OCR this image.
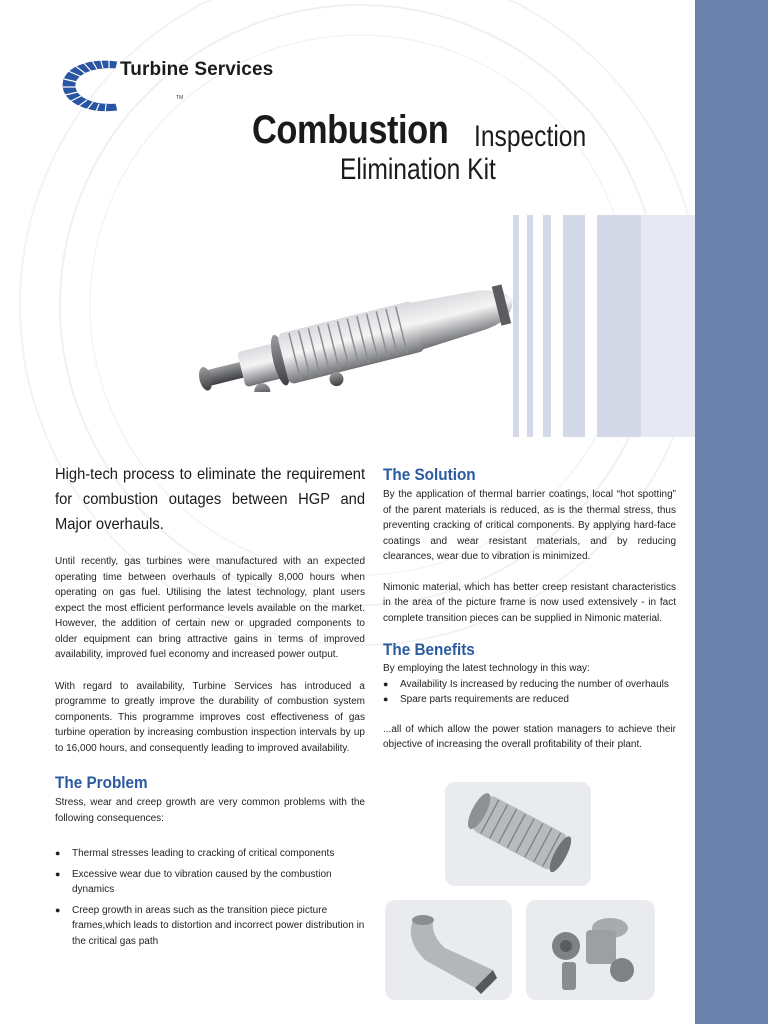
Turbine Services
TM
Combustion Inspection
Elimination Kit

High-tech process to eliminate the requirement for combustion outages between HGP and Major overhauls.

Until recently, gas turbines were manufactured with an expected operating time between overhauls of typically 8,000 hours when operating on gas fuel. Utilising the latest technology, plant users expect the most efficient performance levels available on the market. However, the addition of certain new or upgraded components to older equipment can bring attractive gains in terms of improved availability, improved fuel economy and increased power output.

With regard to availability, Turbine Services has introduced a programme to greatly improve the durability of combustion system components. This programme improves cost effectiveness of gas turbine operation by increasing combustion inspection intervals by up to 16,000 hours, and consequently leading to improved availability.

The Problem

Stress, wear and creep growth are very common problems with the following consequences:

● Thermal stresses leading to cracking of critical components
● Excessive wear due to vibration caused by the combustion dynamics
● Creep growth in areas such as the transition piece picture frames,which leads to distortion and incorrect power distribution in the critical gas path
The Solution

By the application of thermal barrier coatings, local “hot spotting” of the parent materials is reduced, as is the thermal stress, thus preventing cracking of critical components. By applying hard-face coatings and wear resistant materials, and by reducing clearances, wear due to vibration is minimized.

Nimonic material, which has better creep resistant characteristics in the area of the picture frame is now used extensively - in fact complete transition pieces can be supplied in Nimonic material.

The Benefits

By employing the latest technology in this way:

● Availability Is increased by reducing the number of overhauls
● Spare parts requirements are reduced

...all of which allow the power station managers to achieve their objective of increasing the overall profitability of their plant.
